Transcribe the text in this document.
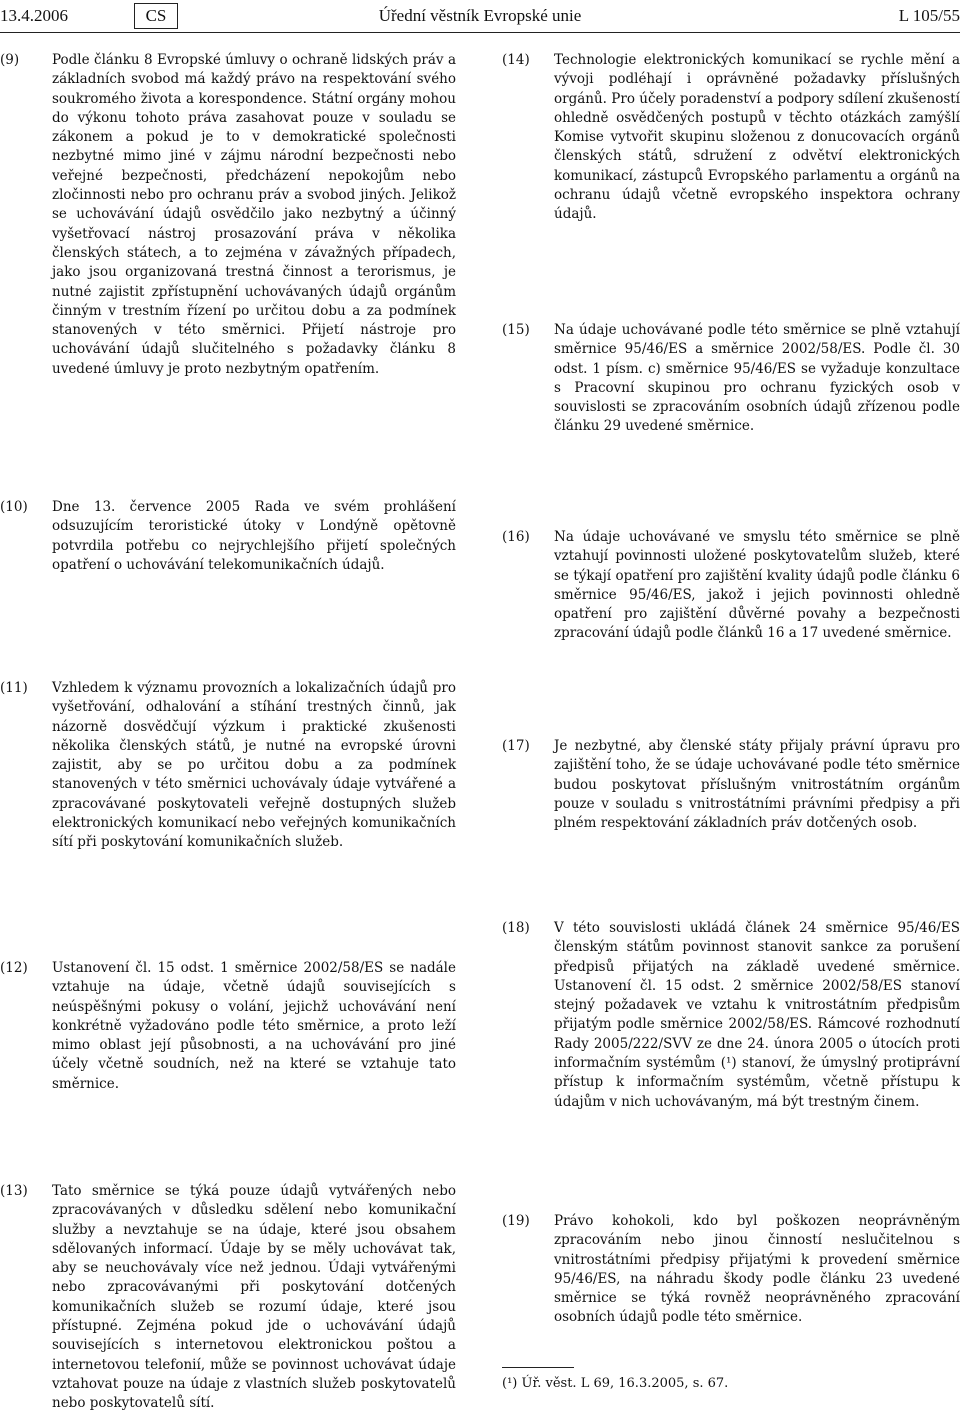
13.4.2006	CS	Úřední věstník Evropské unie	L 105/55
(9)	Podle článku 8 Evropské úmluvy o ochraně lidských práv a základních svobod má každý právo na respektování svého soukromého života a korespondence. Státní orgány mohou do výkonu tohoto práva zasahovat pouze v souladu se zákonem a pokud je to v demokratické společnosti nezbytné mimo jiné v zájmu národní bezpečnosti nebo veřejné bezpečnosti, předcházení nepokojům nebo zločinnosti nebo pro ochranu práv a svobod jiných. Jelikož se uchovávání údajů osvědčilo jako nezbytný a účinný vyšetřovací nástroj prosazování práva v několika členských státech, a to zejména v závažných případech, jako jsou organizovaná trestná činnost a terorismus, je nutné zajistit zpřístupnění uchovávaných údajů orgánům činným v trestním řízení po určitou dobu a za podmínek stanovených v této směrnici. Přijetí nástroje pro uchovávání údajů slučitelného s požadavky článku 8 uvedené úmluvy je proto nezbytným opatřením.
(10)	Dne 13. července 2005 Rada ve svém prohlášení odsuzujícím teroristické útoky v Londýně opětovně potvrdila potřebu co nejrychlejšího přijetí společných opatření o uchovávání telekomunikačních údajů.
(11)	Vzhledem k významu provozních a lokalizačních údajů pro vyšetřování, odhalování a stíhání trestných činnů, jak názorně dosvědčují výzkum i praktické zkušenosti několika členských států, je nutné na evropské úrovni zajistit, aby se po určitou dobu a za podmínek stanovených v této směrnici uchovávaly údaje vytvářené a zpracovávané poskytovateli veřejně dostupných služeb elektronických komunikací nebo veřejných komunikačních sítí při poskytování komunikačních služeb.
(12)	Ustanovení čl. 15 odst. 1 směrnice 2002/58/ES se nadále vztahuje na údaje, včetně údajů souvisejících s neúspěšnými pokusy o volání, jejichž uchovávání není konkrétně vyžadováno podle této směrnice, a proto leží mimo oblast její působnosti, a na uchovávání pro jiné účely včetně soudních, než na které se vztahuje tato směrnice.
(13)	Tato směrnice se týká pouze údajů vytvářených nebo zpracovávaných v důsledku sdělení nebo komunikační služby a nevztahuje se na údaje, které jsou obsahem sdělovaných informací. Údaje by se měly uchovávat tak, aby se neuchovávaly více než jednou. Údaji vytvářenými nebo zpracovávanými při poskytování dotčených komunikačních služeb se rozumí údaje, které jsou přístupné. Zejména pokud jde o uchovávání údajů souvisejících s internetovou elektronickou poštou a internetovou telefonií, může se povinnost uchovávat údaje vztahovat pouze na údaje z vlastních služeb poskytovatelů nebo poskytovatelů sítí.
(14)	Technologie elektronických komunikací se rychle mění a vývoji podléhají i oprávněné požadavky příslušných orgánů. Pro účely poradenství a podpory sdílení zkušeností ohledně osvědčených postupů v těchto otázkách zamýšlí Komise vytvořit skupinu složenou z donucovacích orgánů členských států, sdružení z odvětví elektronických komunikací, zástupců Evropského parlamentu a orgánů na ochranu údajů včetně evropského inspektora ochrany údajů.
(15)	Na údaje uchovávané podle této směrnice se plně vztahují směrnice 95/46/ES a směrnice 2002/58/ES. Podle čl. 30 odst. 1 písm. c) směrnice 95/46/ES se vyžaduje konzultace s Pracovní skupinou pro ochranu fyzických osob v souvislosti se zpracováním osobních údajů zřízenou podle článku 29 uvedené směrnice.
(16)	Na údaje uchovávané ve smyslu této směrnice se plně vztahují povinnosti uložené poskytovatelům služeb, které se týkají opatření pro zajištění kvality údajů podle článku 6 směrnice 95/46/ES, jakož i jejich povinnosti ohledně opatření pro zajištění důvěrné povahy a bezpečnosti zpracování údajů podle článků 16 a 17 uvedené směrnice.
(17)	Je nezbytné, aby členské státy přijaly právní úpravu pro zajištění toho, že se údaje uchovávané podle této směrnice budou poskytovat příslušným vnitrostátním orgánům pouze v souladu s vnitrostátními právními předpisy a při plném respektování základních práv dotčených osob.
(18)	V této souvislosti ukládá článek 24 směrnice 95/46/ES členským státům povinnost stanovit sankce za porušení předpisů přijatých na základě uvedené směrnice. Ustanovení čl. 15 odst. 2 směrnice 2002/58/ES stanoví stejný požadavek ve vztahu k vnitrostátním předpisům přijatým podle směrnice 2002/58/ES. Rámcové rozhodnutí Rady 2005/222/SVV ze dne 24. února 2005 o útocích proti informačním systémům (¹) stanoví, že úmyslný protiprávní přístup k informačním systémům, včetně přístupu k údajům v nich uchovávaným, má být trestným činem.
(19)	Právo kohokoli, kdo byl poškozen neoprávněným zpracováním nebo jinou činností neslučitelnou s vnitrostátními předpisy přijatými k provedení směrnice 95/46/ES, na náhradu škody podle článku 23 uvedené směrnice se týká rovněž neoprávněného zpracování osobních údajů podle této směrnice.
(¹) Úř. věst. L 69, 16.3.2005, s. 67.
